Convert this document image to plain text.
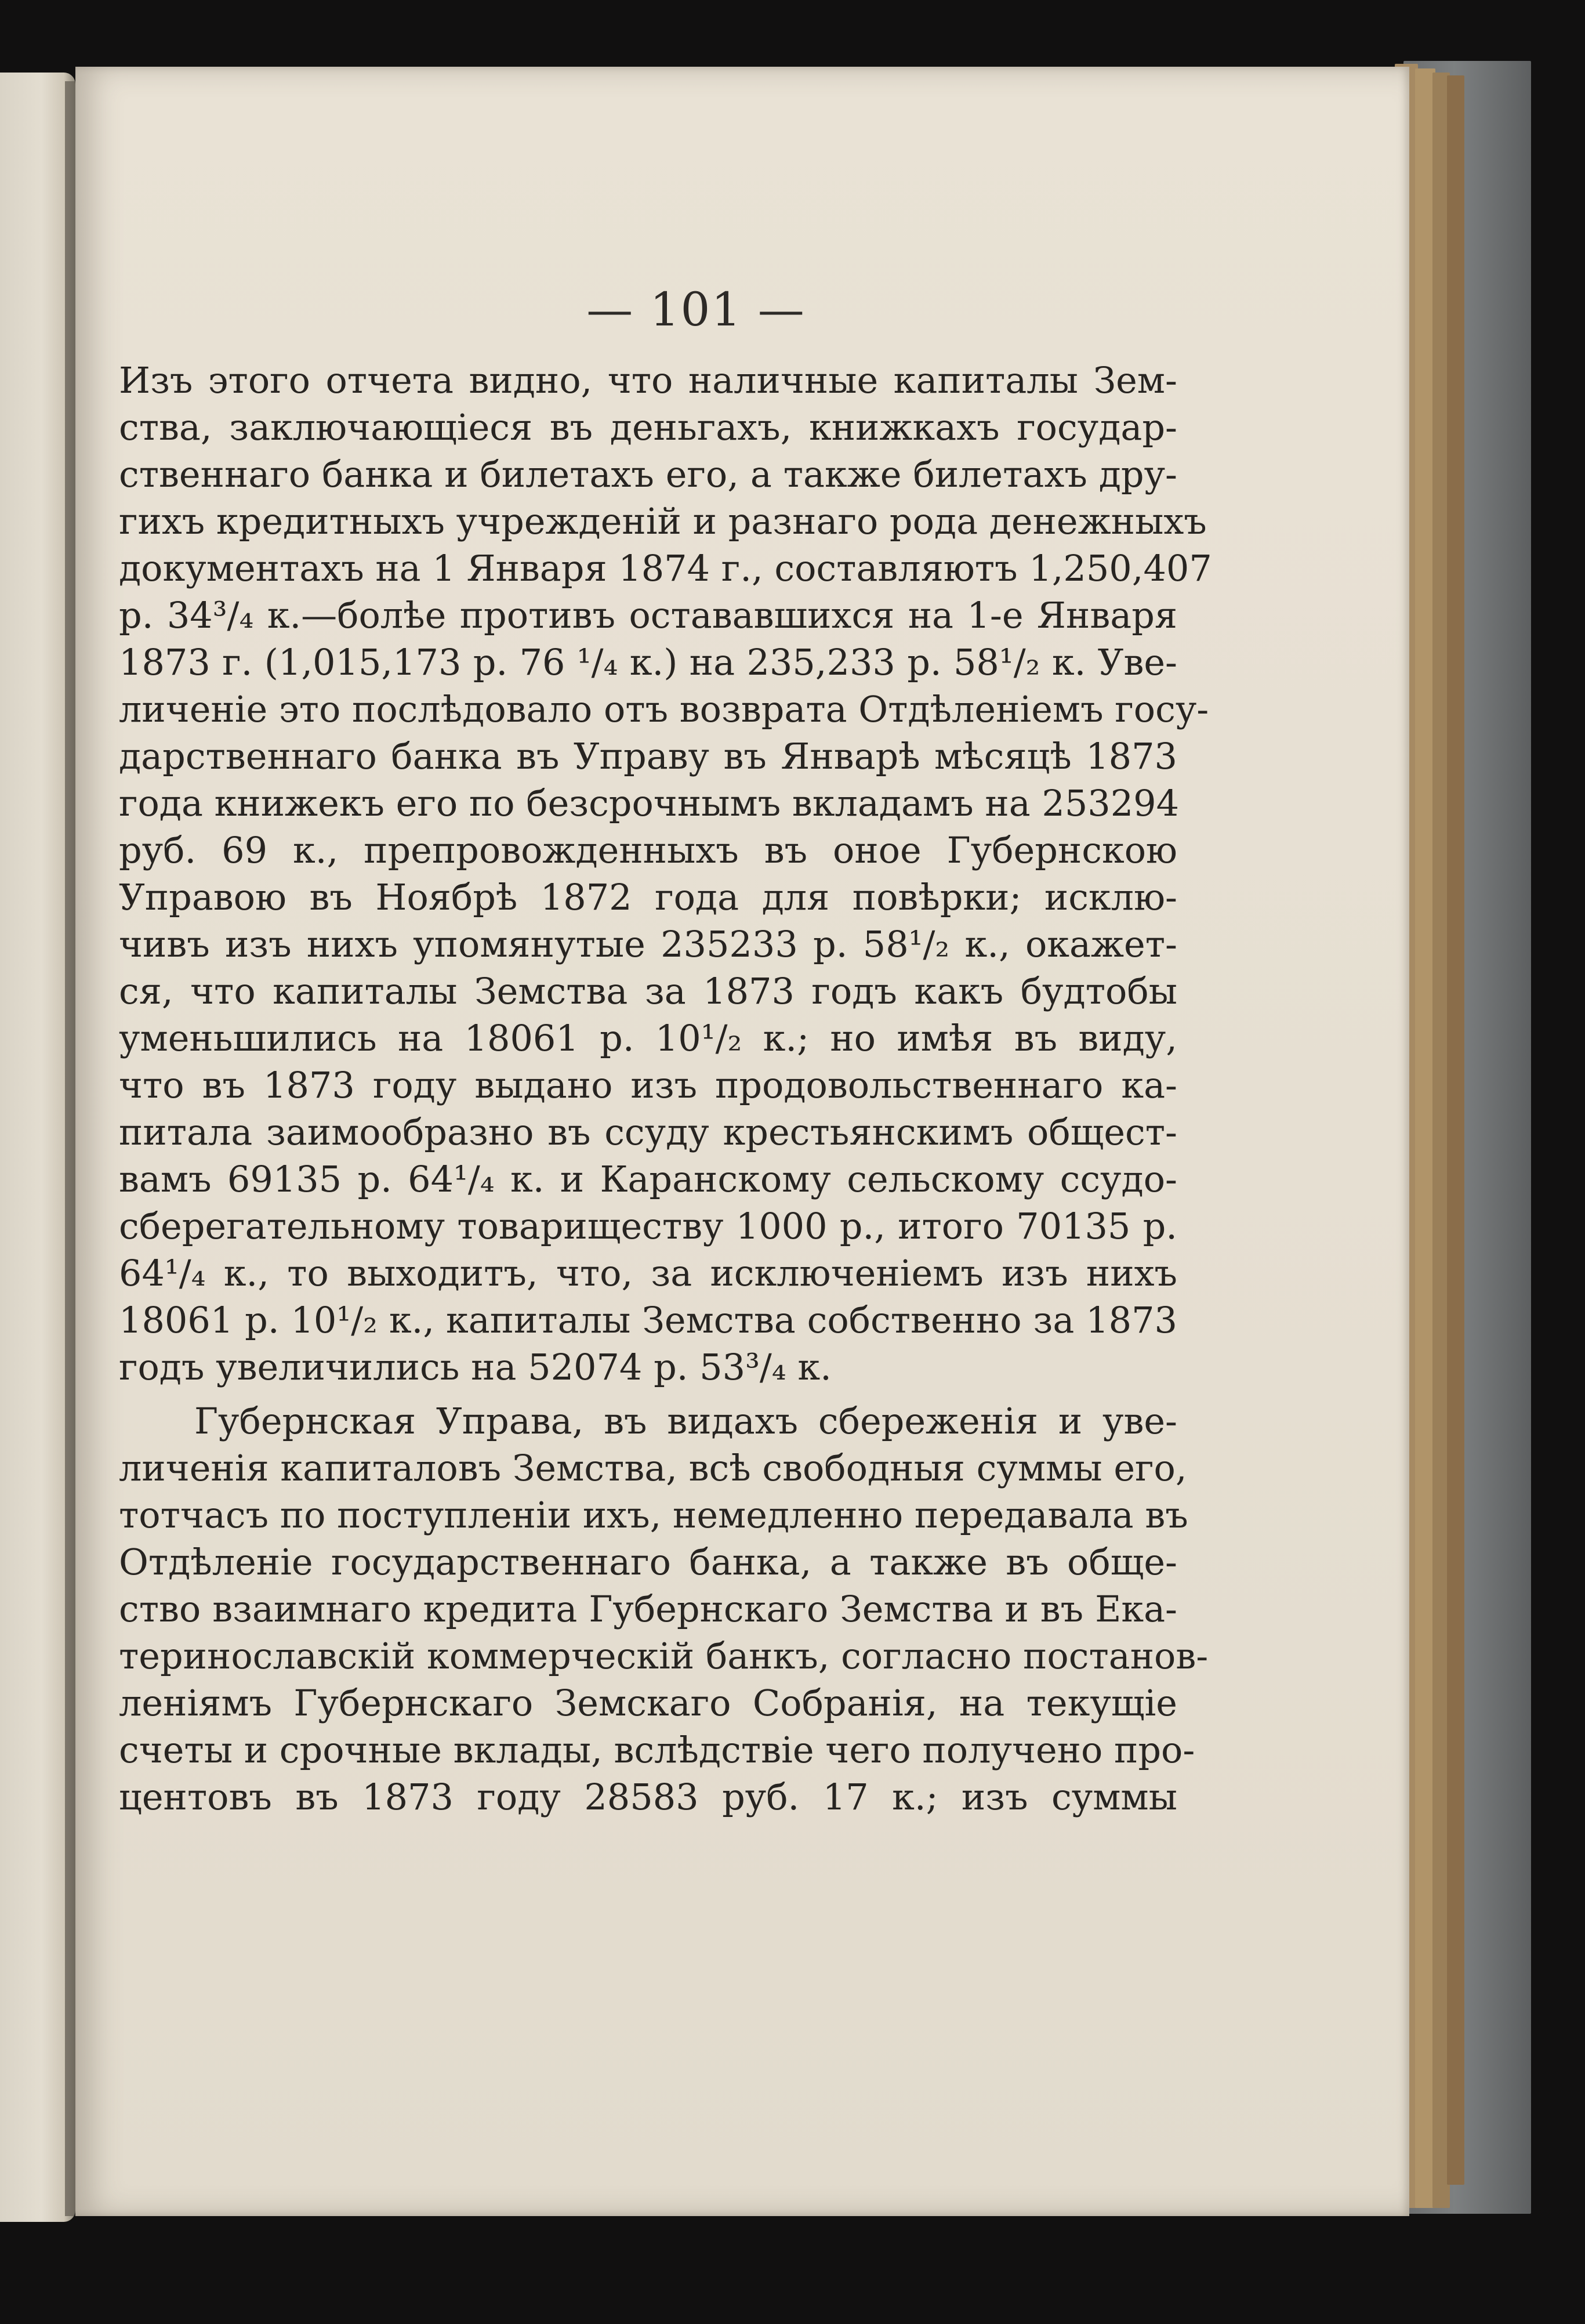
— 101 —
Изъ этого отчета видно, что наличные капиталы Зем-
ства, заключающiеся въ деньгахъ, книжкахъ государ-
ственнаго банка и билетахъ его, а также билетахъ дру-
гихъ кредитныхъ учрежденiй и разнаго рода денежныхъ
документахъ на 1 Января 1874 г., составляютъ 1,250,407
р. 34³/₄ к.—болѣе противъ остававшихся на 1-е Января
1873 г. (1,015,173 р. 76 ¹/₄ к.) на 235,233 р. 58¹/₂ к. Уве-
личенiе это послѣдовало отъ возврата Отдѣленiемъ госу-
дарственнаго банка въ Управу въ Январѣ мѣсяцѣ 1873
года книжекъ его по безсрочнымъ вкладамъ на 253294
руб. 69 к., препровожденныхъ въ оное Губернскою
Управою въ Ноябрѣ 1872 года для повѣрки; исклю-
чивъ изъ нихъ упомянутые 235233 р. 58¹/₂ к., окажет-
ся, что капиталы Земства за 1873 годъ какъ будтобы
уменьшились на 18061 р. 10¹/₂ к.; но имѣя въ виду,
что въ 1873 году выдано изъ продовольственнаго ка-
питала заимообразно въ ссуду крестьянскимъ общест-
вамъ 69135 р. 64¹/₄ к. и Каранскому сельскому ссудо-
сберегательному товариществу 1000 р., итого 70135 р.
64¹/₄ к., то выходитъ, что, за исключенiемъ изъ нихъ
18061 р. 10¹/₂ к., капиталы Земства собственно за 1873
годъ увеличились на 52074 р. 53³/₄ к.
Губернская Управа, въ видахъ сбереженiя и уве-
личенiя капиталовъ Земства, всѣ свободныя суммы его,
тотчасъ по поступленiи ихъ, немедленно передавала въ
Отдѣленiе государственнаго банка, а также въ обще-
ство взаимнаго кредита Губернскаго Земства и въ Ека-
теринославскiй коммерческiй банкъ, согласно постанов-
ленiямъ Губернскаго Земскаго Собранiя, на текущiе
счеты и срочные вклады, вслѣдствiе чего получено про-
центовъ въ 1873 году 28583 руб. 17 к.; изъ суммы
